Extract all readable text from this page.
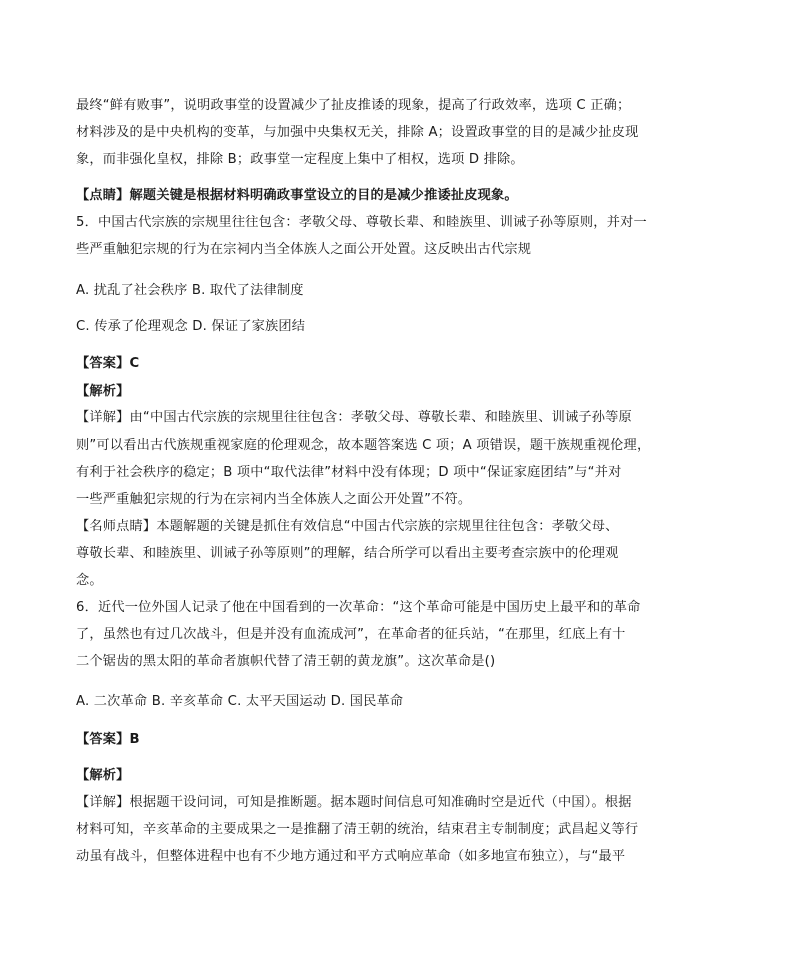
最终“鲜有败事”，说明政事堂的设置减少了扯皮推诿的现象，提高了行政效率，选项 C 正确；
材料涉及的是中央机构的变革，与加强中央集权无关，排除 A；设置政事堂的目的是减少扯皮现
象，而非强化皇权，排除 B；政事堂一定程度上集中了相权，选项 D 排除。
【点睛】解题关键是根据材料明确政事堂设立的目的是减少推诿扯皮现象。
5．中国古代宗族的宗规里往往包含：孝敬父母、尊敬长辈、和睦族里、训诫子孙等原则，并对一
些严重触犯宗规的行为在宗祠内当全体族人之面公开处置。这反映出古代宗规
A. 扰乱了社会秩序 B. 取代了法律制度
C. 传承了伦理观念 D. 保证了家族团结
【答案】C
【解析】
【详解】由“中国古代宗族的宗规里往往包含：孝敬父母、尊敬长辈、和睦族里、训诫子孙等原
则”可以看出古代族规重视家庭的伦理观念，故本题答案选 C 项；A 项错误，题干族规重视伦理，
有利于社会秩序的稳定；B 项中“取代法律”材料中没有体现；D 项中“保证家庭团结”与“并对
一些严重触犯宗规的行为在宗祠内当全体族人之面公开处置”不符。
【名师点睛】本题解题的关键是抓住有效信息“中国古代宗族的宗规里往往包含：孝敬父母、
尊敬长辈、和睦族里、训诫子孙等原则”的理解，结合所学可以看出主要考查宗族中的伦理观
念。
6．近代一位外国人记录了他在中国看到的一次革命：“这个革命可能是中国历史上最平和的革命
了，虽然也有过几次战斗，但是并没有血流成河”，在革命者的征兵站，“在那里，红底上有十
二个锯齿的黑太阳的革命者旗帜代替了清王朝的黄龙旗”。这次革命是()
A. 二次革命 B. 辛亥革命 C. 太平天国运动 D. 国民革命
【答案】B
【解析】
【详解】根据题干设问词，可知是推断题。据本题时间信息可知准确时空是近代（中国）。根据
材料可知，辛亥革命的主要成果之一是推翻了清王朝的统治，结束君主专制制度；武昌起义等行
动虽有战斗，但整体进程中也有不少地方通过和平方式响应革命（如多地宣布独立），与“最平
